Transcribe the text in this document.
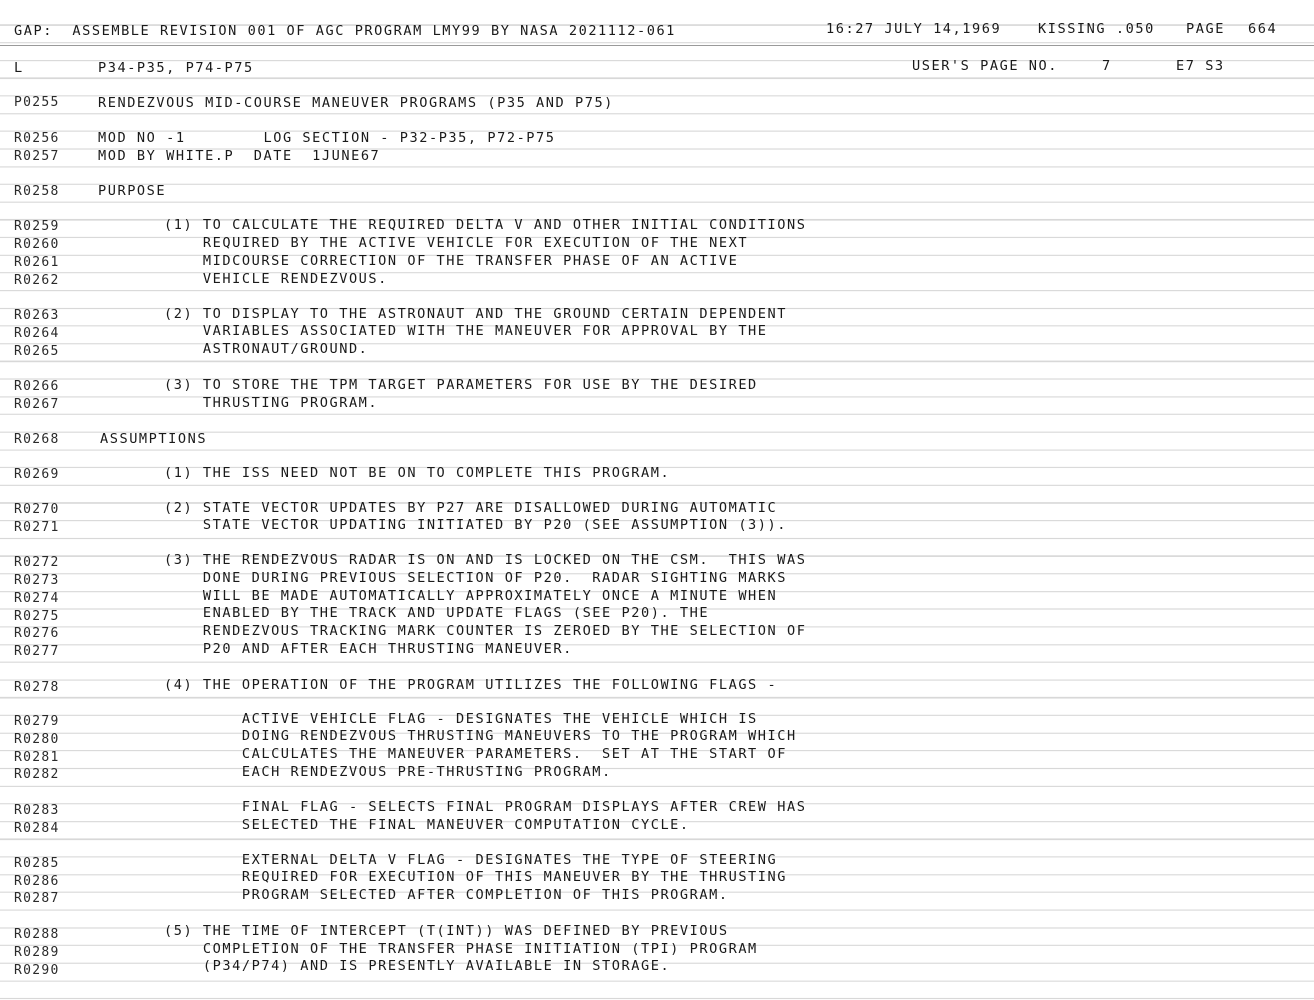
GAP:  ASSEMBLE REVISION 001 OF AGC PROGRAM LMY99 BY NASA 2021112-061	16:27 JULY 14,1969	KISSING .050 PAGE 664
L	P34-P35, P74-P75	USER'S PAGE NO.	7	E7 S3
P0255	RENDEZVOUS MID-COURSE MANEUVER PROGRAMS (P35 AND P75)
R0256	MOD NO -1        LOG SECTION - P32-P35, P72-P75
R0257	MOD BY WHITE.P  DATE  1JUNE67
R0258	PURPOSE
R0259	(1) TO CALCULATE THE REQUIRED DELTA V AND OTHER INITIAL CONDITIONS
R0260	REQUIRED BY THE ACTIVE VEHICLE FOR EXECUTION OF THE NEXT
R0261	MIDCOURSE CORRECTION OF THE TRANSFER PHASE OF AN ACTIVE
R0262	VEHICLE RENDEZVOUS.
R0263	(2) TO DISPLAY TO THE ASTRONAUT AND THE GROUND CERTAIN DEPENDENT
R0264	VARIABLES ASSOCIATED WITH THE MANEUVER FOR APPROVAL BY THE
R0265	ASTRONAUT/GROUND.
R0266	(3) TO STORE THE TPM TARGET PARAMETERS FOR USE BY THE DESIRED
R0267	THRUSTING PROGRAM.
R0268	ASSUMPTIONS
R0269	(1) THE ISS NEED NOT BE ON TO COMPLETE THIS PROGRAM.
R0270	(2) STATE VECTOR UPDATES BY P27 ARE DISALLOWED DURING AUTOMATIC
R0271	STATE VECTOR UPDATING INITIATED BY P20 (SEE ASSUMPTION (3)).
R0272	(3) THE RENDEZVOUS RADAR IS ON AND IS LOCKED ON THE CSM.  THIS WAS
R0273	DONE DURING PREVIOUS SELECTION OF P20.  RADAR SIGHTING MARKS
R0274	WILL BE MADE AUTOMATICALLY APPROXIMATELY ONCE A MINUTE WHEN
R0275	ENABLED BY THE TRACK AND UPDATE FLAGS (SEE P20). THE
R0276	RENDEZVOUS TRACKING MARK COUNTER IS ZEROED BY THE SELECTION OF
R0277	P20 AND AFTER EACH THRUSTING MANEUVER.
R0278	(4) THE OPERATION OF THE PROGRAM UTILIZES THE FOLLOWING FLAGS -
R0279	ACTIVE VEHICLE FLAG - DESIGNATES THE VEHICLE WHICH IS
R0280	DOING RENDEZVOUS THRUSTING MANEUVERS TO THE PROGRAM WHICH
R0281	CALCULATES THE MANEUVER PARAMETERS.  SET AT THE START OF
R0282	EACH RENDEZVOUS PRE-THRUSTING PROGRAM.
R0283	FINAL FLAG - SELECTS FINAL PROGRAM DISPLAYS AFTER CREW HAS
R0284	SELECTED THE FINAL MANEUVER COMPUTATION CYCLE.
R0285	EXTERNAL DELTA V FLAG - DESIGNATES THE TYPE OF STEERING
R0286	REQUIRED FOR EXECUTION OF THIS MANEUVER BY THE THRUSTING
R0287	PROGRAM SELECTED AFTER COMPLETION OF THIS PROGRAM.
R0288	(5) THE TIME OF INTERCEPT (T(INT)) WAS DEFINED BY PREVIOUS
R0289	COMPLETION OF THE TRANSFER PHASE INITIATION (TPI) PROGRAM
R0290	(P34/P74) AND IS PRESENTLY AVAILABLE IN STORAGE.
